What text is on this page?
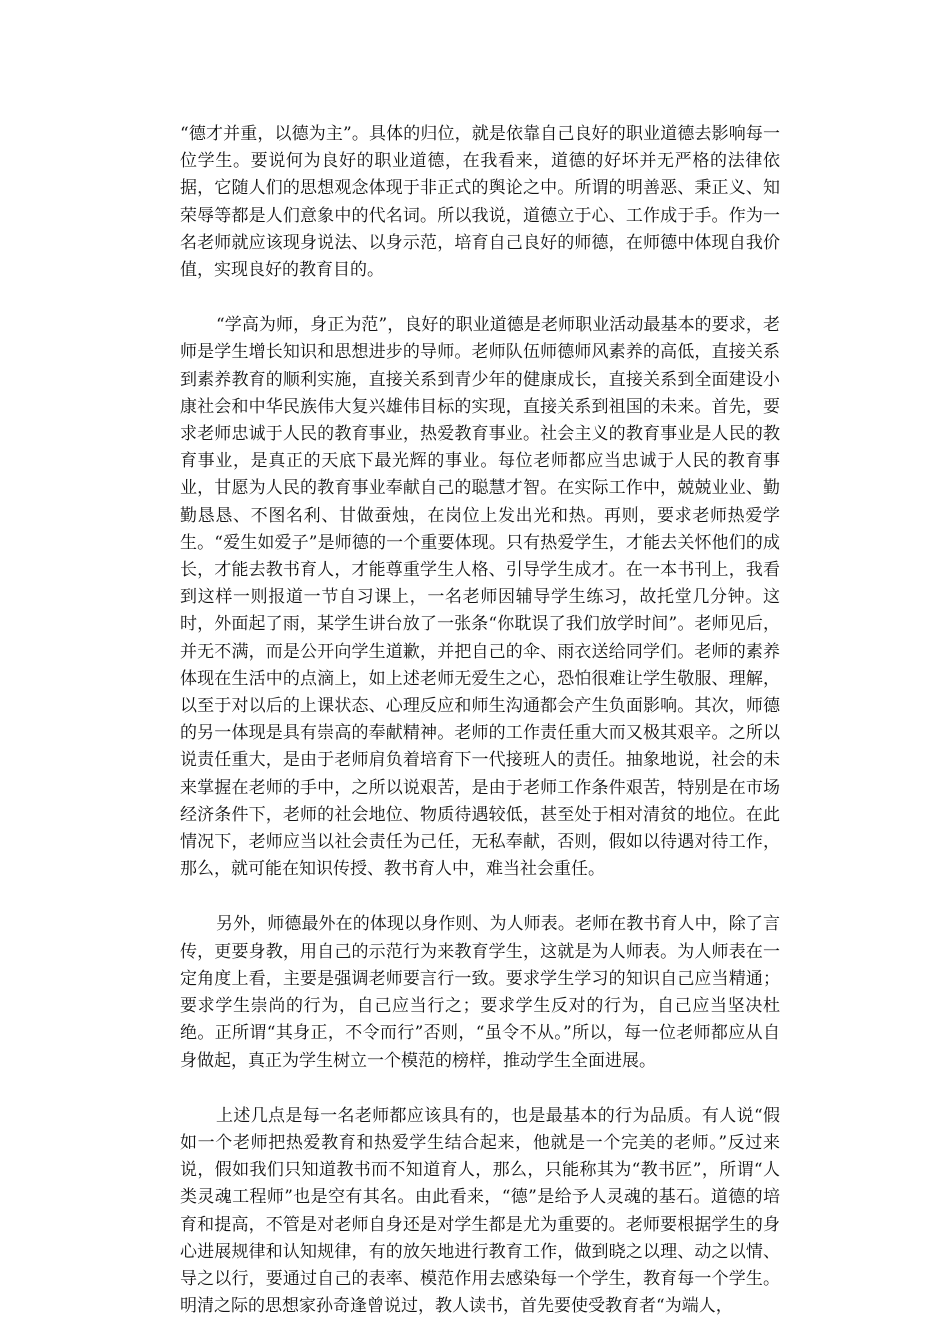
“德才并重，以德为主”。具体的归位，就是依靠自己良好的职业道德去影响每一位学生。要说何为良好的职业道德，在我看来，道德的好坏并无严格的法律依据，它随人们的思想观念体现于非正式的舆论之中。所谓的明善恶、秉正义、知荣辱等都是人们意象中的代名词。所以我说，道德立于心、工作成于手。作为一名老师就应该现身说法、以身示范，培育自己良好的师德，在师德中体现自我价值，实现良好的教育目的。

“学高为师，身正为范”，良好的职业道德是老师职业活动最基本的要求，老师是学生增长知识和思想进步的导师。老师队伍师德师风素养的高低，直接关系到素养教育的顺利实施，直接关系到青少年的健康成长，直接关系到全面建设小康社会和中华民族伟大复兴雄伟目标的实现，直接关系到祖国的未来。首先，要求老师忠诚于人民的教育事业，热爱教育事业。社会主义的教育事业是人民的教育事业，是真正的天底下最光辉的事业。每位老师都应当忠诚于人民的教育事业，甘愿为人民的教育事业奉献自己的聪慧才智。在实际工作中，兢兢业业、勤勤恳恳、不图名利、甘做蚕烛，在岗位上发出光和热。再则，要求老师热爱学生。“爱生如爱子”是师德的一个重要体现。只有热爱学生，才能去关怀他们的成长，才能去教书育人，才能尊重学生人格、引导学生成才。在一本书刊上，我看到这样一则报道一节自习课上，一名老师因辅导学生练习，故托堂几分钟。这时，外面起了雨，某学生讲台放了一张条“你耽误了我们放学时间”。老师见后，并无不满，而是公开向学生道歉，并把自己的伞、雨衣送给同学们。老师的素养体现在生活中的点滴上，如上述老师无爱生之心，恐怕很难让学生敬服、理解，以至于对以后的上课状态、心理反应和师生沟通都会产生负面影响。其次，师德的另一体现是具有崇高的奉献精神。老师的工作责任重大而又极其艰辛。之所以说责任重大，是由于老师肩负着培育下一代接班人的责任。抽象地说，社会的未来掌握在老师的手中，之所以说艰苦，是由于老师工作条件艰苦，特别是在市场经济条件下，老师的社会地位、物质待遇较低，甚至处于相对清贫的地位。在此情况下，老师应当以社会责任为己任，无私奉献，否则，假如以待遇对待工作，那么，就可能在知识传授、教书育人中，难当社会重任。

另外，师德最外在的体现以身作则、为人师表。老师在教书育人中，除了言传，更要身教，用自己的示范行为来教育学生，这就是为人师表。为人师表在一定角度上看，主要是强调老师要言行一致。要求学生学习的知识自己应当精通；要求学生崇尚的行为，自己应当行之；要求学生反对的行为，自己应当坚决杜绝。正所谓“其身正，不令而行”否则，“虽令不从。”所以，每一位老师都应从自身做起，真正为学生树立一个模范的榜样，推动学生全面进展。

上述几点是每一名老师都应该具有的，也是最基本的行为品质。有人说“假如一个老师把热爱教育和热爱学生结合起来，他就是一个完美的老师。”反过来说，假如我们只知道教书而不知道育人，那么，只能称其为“教书匠”，所谓“人类灵魂工程师”也是空有其名。由此看来，“德”是给予人灵魂的基石。道德的培育和提高，不管是对老师自身还是对学生都是尤为重要的。老师要根据学生的身心进展规律和认知规律，有的放矢地进行教育工作，做到晓之以理、动之以情、导之以行，要通过自己的表率、模范作用去感染每一个学生，教育每一个学生。明清之际的思想家孙奇逢曾说过，教人读书，首先要使受教育者“为端人，
